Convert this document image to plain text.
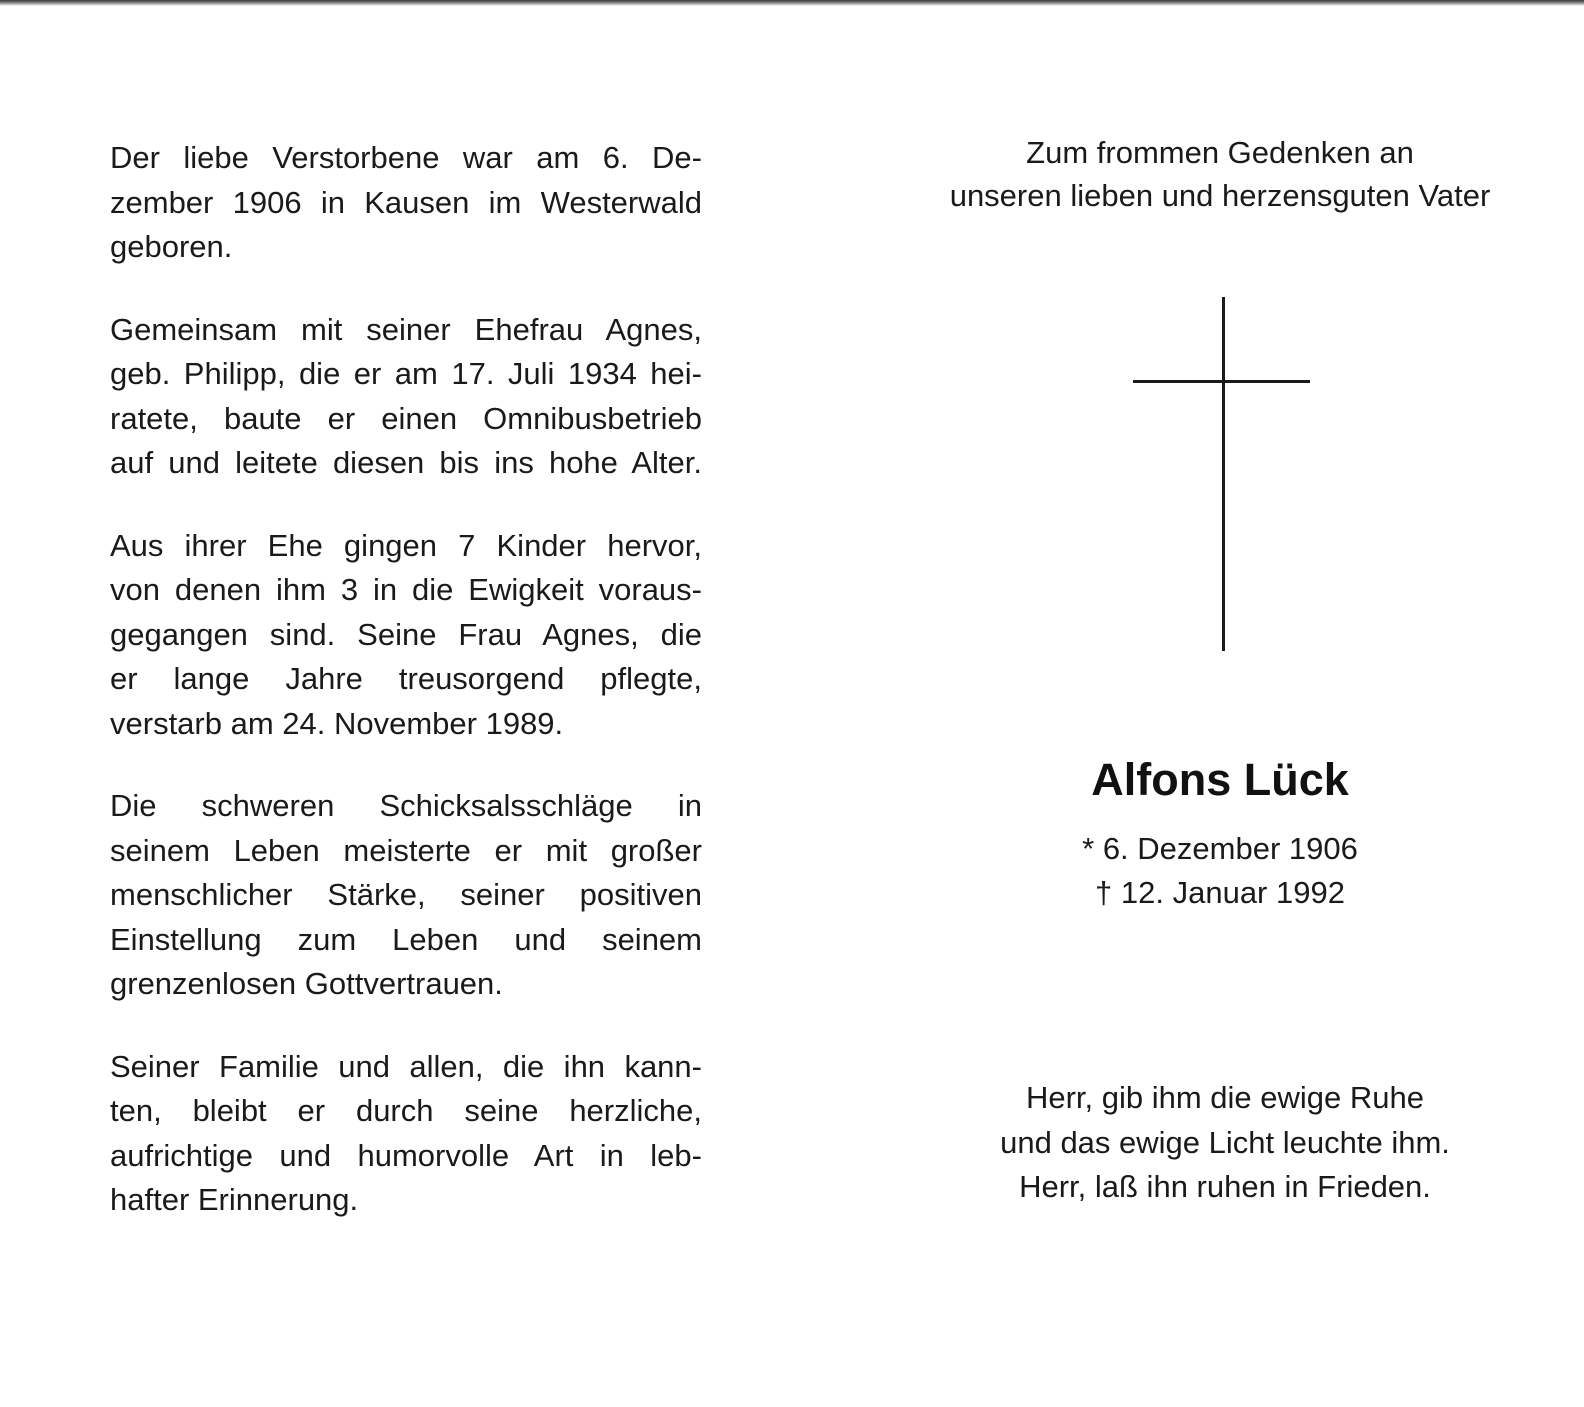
Der liebe Verstorbene war am 6. De-
zember 1906 in Kausen im Westerwald
geboren.

Gemeinsam mit seiner Ehefrau Agnes,
geb. Philipp, die er am 17. Juli 1934 hei-
ratete, baute er einen Omnibusbetrieb
auf und leitete diesen bis ins hohe Alter.

Aus ihrer Ehe gingen 7 Kinder hervor,
von denen ihm 3 in die Ewigkeit voraus-
gegangen sind. Seine Frau Agnes, die
er lange Jahre treusorgend pflegte,
verstarb am 24. November 1989.

Die schweren Schicksalsschläge in
seinem Leben meisterte er mit großer
menschlicher Stärke, seiner positiven
Einstellung zum Leben und seinem
grenzenlosen Gottvertrauen.

Seiner Familie und allen, die ihn kann-
ten, bleibt er durch seine herzliche,
aufrichtige und humorvolle Art in leb-
hafter Erinnerung.

Zum frommen Gedenken an
unseren lieben und herzensguten Vater
Alfons Lück
* 6. Dezember 1906
† 12. Januar 1992
Herr, gib ihm die ewige Ruhe
und das ewige Licht leuchte ihm.
Herr, laß ihn ruhen in Frieden.
